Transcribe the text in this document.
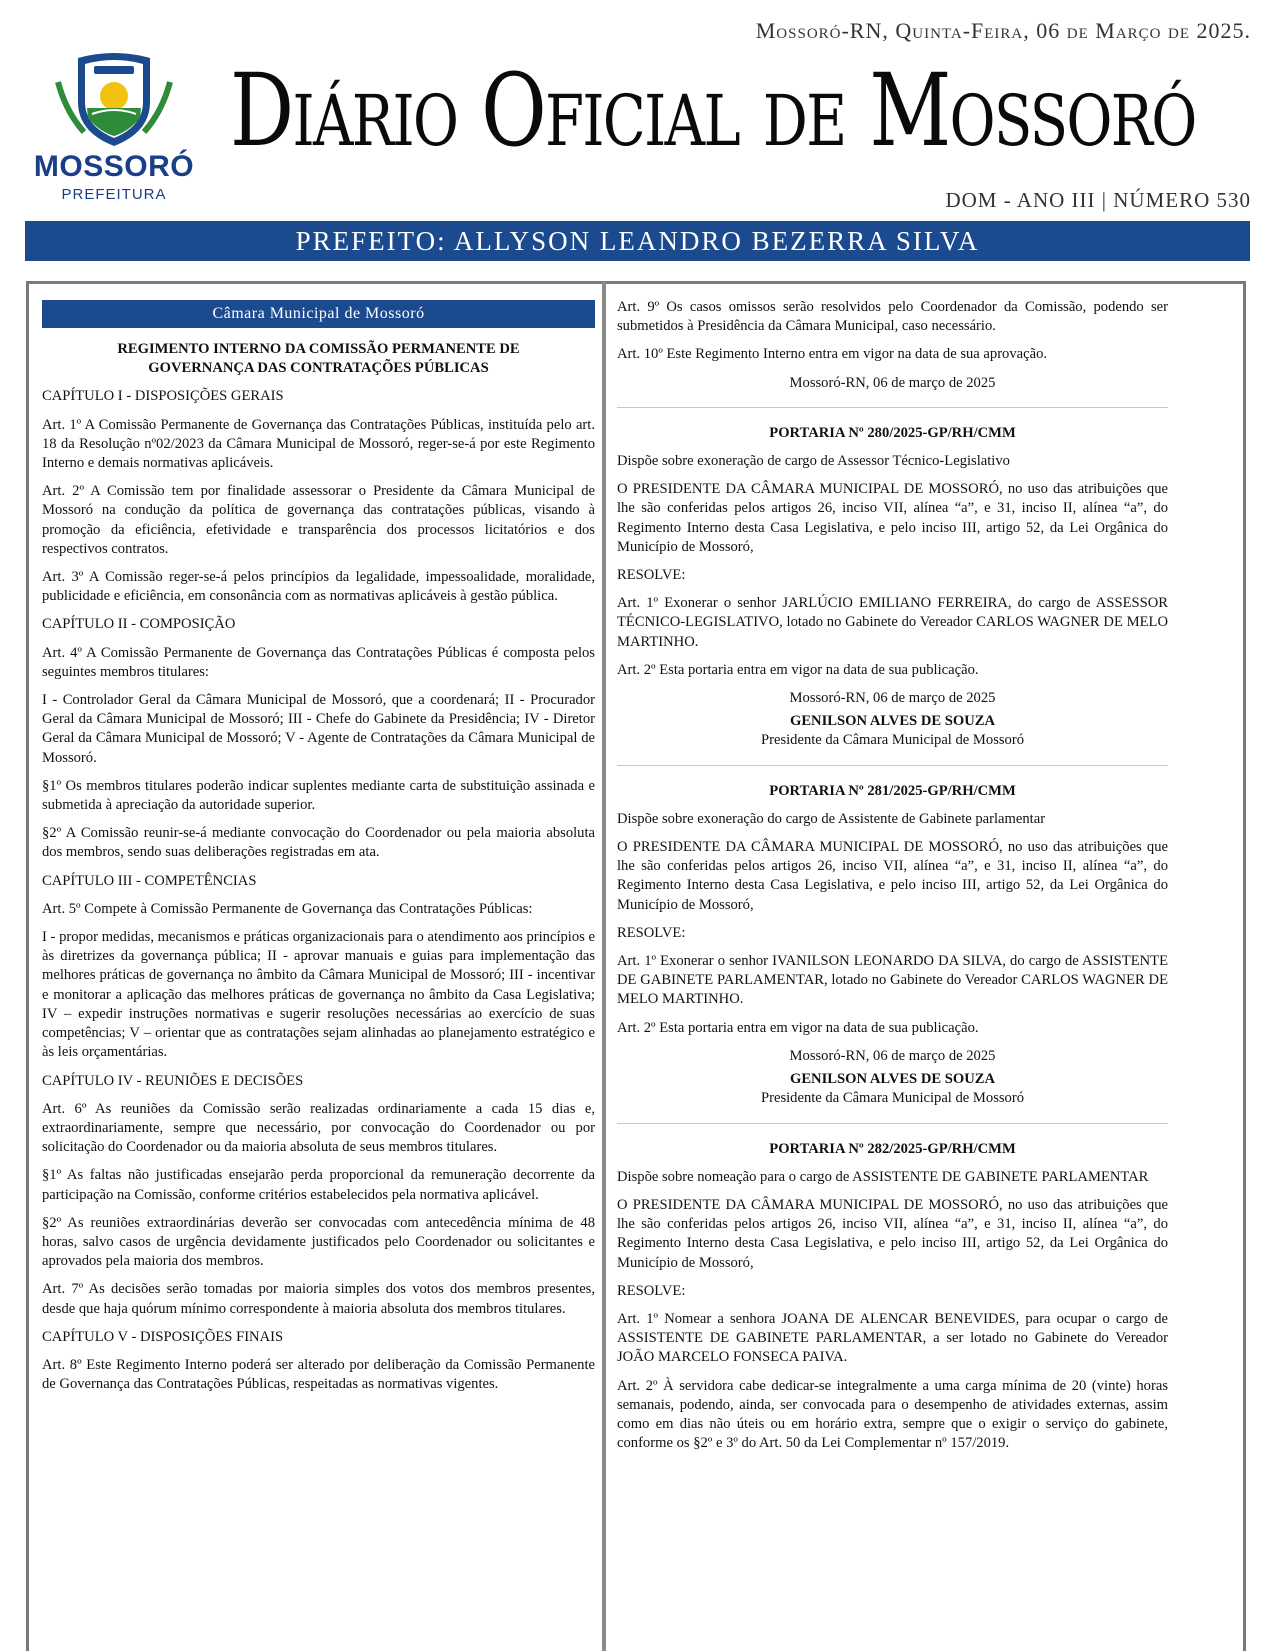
MOSSORÓ
PREFEITURA
Mossoró-RN, Quinta-Feira, 06 de Março de 2025.
Diário Oficial de Mossoró
DOM - ANO III | NÚMERO 530
PREFEITO: ALLYSON LEANDRO BEZERRA SILVA
Câmara Municipal de Mossoró

REGIMENTO INTERNO DA COMISSÃO PERMANENTE DE GOVERNANÇA DAS CONTRATAÇÕES PÚBLICAS

CAPÍTULO I - DISPOSIÇÕES GERAIS

Art. 1º A Comissão Permanente de Governança das Contratações Públicas, instituída pelo art. 18 da Resolução nº02/2023 da Câmara Municipal de Mossoró, reger-se-á por este Regimento Interno e demais normativas aplicáveis.

Art. 2º A Comissão tem por finalidade assessorar o Presidente da Câmara Municipal de Mossoró na condução da política de governança das contratações públicas, visando à promoção da eficiência, efetividade e transparência dos processos licitatórios e dos respectivos contratos.

Art. 3º A Comissão reger-se-á pelos princípios da legalidade, impessoalidade, moralidade, publicidade e eficiência, em consonância com as normativas aplicáveis à gestão pública.

CAPÍTULO II - COMPOSIÇÃO

Art. 4º A Comissão Permanente de Governança das Contratações Públicas é composta pelos seguintes membros titulares:

I - Controlador Geral da Câmara Municipal de Mossoró, que a coordenará; II - Procurador Geral da Câmara Municipal de Mossoró; III - Chefe do Gabinete da Presidência; IV - Diretor Geral da Câmara Municipal de Mossoró; V - Agente de Contratações da Câmara Municipal de Mossoró.

§1º Os membros titulares poderão indicar suplentes mediante carta de substituição assinada e submetida à apreciação da autoridade superior.

§2º A Comissão reunir-se-á mediante convocação do Coordenador ou pela maioria absoluta dos membros, sendo suas deliberações registradas em ata.

CAPÍTULO III - COMPETÊNCIAS

Art. 5º Compete à Comissão Permanente de Governança das Contratações Públicas:

I - propor medidas, mecanismos e práticas organizacionais para o atendimento aos princípios e às diretrizes da governança pública; II - aprovar manuais e guias para implementação das melhores práticas de governança no âmbito da Câmara Municipal de Mossoró; III - incentivar e monitorar a aplicação das melhores práticas de governança no âmbito da Casa Legislativa; IV – expedir instruções normativas e sugerir resoluções necessárias ao exercício de suas competências; V – orientar que as contratações sejam alinhadas ao planejamento estratégico e às leis orçamentárias.

CAPÍTULO IV - REUNIÕES E DECISÕES

Art. 6º As reuniões da Comissão serão realizadas ordinariamente a cada 15 dias e, extraordinariamente, sempre que necessário, por convocação do Coordenador ou por solicitação do Coordenador ou da maioria absoluta de seus membros titulares.

§1º As faltas não justificadas ensejarão perda proporcional da remuneração decorrente da participação na Comissão, conforme critérios estabelecidos pela normativa aplicável.

§2º As reuniões extraordinárias deverão ser convocadas com antecedência mínima de 48 horas, salvo casos de urgência devidamente justificados pelo Coordenador ou solicitantes e aprovados pela maioria dos membros.

Art. 7º As decisões serão tomadas por maioria simples dos votos dos membros presentes, desde que haja quórum mínimo correspondente à maioria absoluta dos membros titulares.

CAPÍTULO V - DISPOSIÇÕES FINAIS

Art. 8º Este Regimento Interno poderá ser alterado por deliberação da Comissão Permanente de Governança das Contratações Públicas, respeitadas as normativas vigentes.

Art. 9º Os casos omissos serão resolvidos pelo Coordenador da Comissão, podendo ser submetidos à Presidência da Câmara Municipal, caso necessário.

Art. 10º Este Regimento Interno entra em vigor na data de sua aprovação.

Mossoró-RN, 06 de março de 2025

PORTARIA Nº 280/2025-GP/RH/CMM

Dispõe sobre exoneração de cargo de Assessor Técnico-Legislativo

O PRESIDENTE DA CÂMARA MUNICIPAL DE MOSSORÓ, no uso das atribuições que lhe são conferidas pelos artigos 26, inciso VII, alínea “a”, e 31, inciso II, alínea “a”, do Regimento Interno desta Casa Legislativa, e pelo inciso III, artigo 52, da Lei Orgânica do Município de Mossoró,

RESOLVE:

Art. 1º Exonerar o senhor JARLÚCIO EMILIANO FERREIRA, do cargo de ASSESSOR TÉCNICO-LEGISLATIVO, lotado no Gabinete do Vereador CARLOS WAGNER DE MELO MARTINHO.

Art. 2º Esta portaria entra em vigor na data de sua publicação.

Mossoró-RN, 06 de março de 2025

GENILSON ALVES DE SOUZA

Presidente da Câmara Municipal de Mossoró

PORTARIA Nº 281/2025-GP/RH/CMM

Dispõe sobre exoneração do cargo de Assistente de Gabinete parlamentar

O PRESIDENTE DA CÂMARA MUNICIPAL DE MOSSORÓ, no uso das atribuições que lhe são conferidas pelos artigos 26, inciso VII, alínea “a”, e 31, inciso II, alínea “a”, do Regimento Interno desta Casa Legislativa, e pelo inciso III, artigo 52, da Lei Orgânica do Município de Mossoró,

RESOLVE:

Art. 1º Exonerar o senhor IVANILSON LEONARDO DA SILVA, do cargo de ASSISTENTE DE GABINETE PARLAMENTAR, lotado no Gabinete do Vereador CARLOS WAGNER DE MELO MARTINHO.

Art. 2º Esta portaria entra em vigor na data de sua publicação.

Mossoró-RN, 06 de março de 2025

GENILSON ALVES DE SOUZA

Presidente da Câmara Municipal de Mossoró

PORTARIA Nº 282/2025-GP/RH/CMM

Dispõe sobre nomeação para o cargo de ASSISTENTE DE GABINETE PARLAMENTAR

O PRESIDENTE DA CÂMARA MUNICIPAL DE MOSSORÓ, no uso das atribuições que lhe são conferidas pelos artigos 26, inciso VII, alínea “a”, e 31, inciso II, alínea “a”, do Regimento Interno desta Casa Legislativa, e pelo inciso III, artigo 52, da Lei Orgânica do Município de Mossoró,

RESOLVE:

Art. 1º Nomear a senhora JOANA DE ALENCAR BENEVIDES, para ocupar o cargo de ASSISTENTE DE GABINETE PARLAMENTAR, a ser lotado no Gabinete do Vereador JOÃO MARCELO FONSECA PAIVA.

Art. 2º À servidora cabe dedicar-se integralmente a uma carga mínima de 20 (vinte) horas semanais, podendo, ainda, ser convocada para o desempenho de atividades externas, assim como em dias não úteis ou em horário extra, sempre que o exigir o serviço do gabinete, conforme os §2º e 3º do Art. 50 da Lei Complementar nº 157/2019.
